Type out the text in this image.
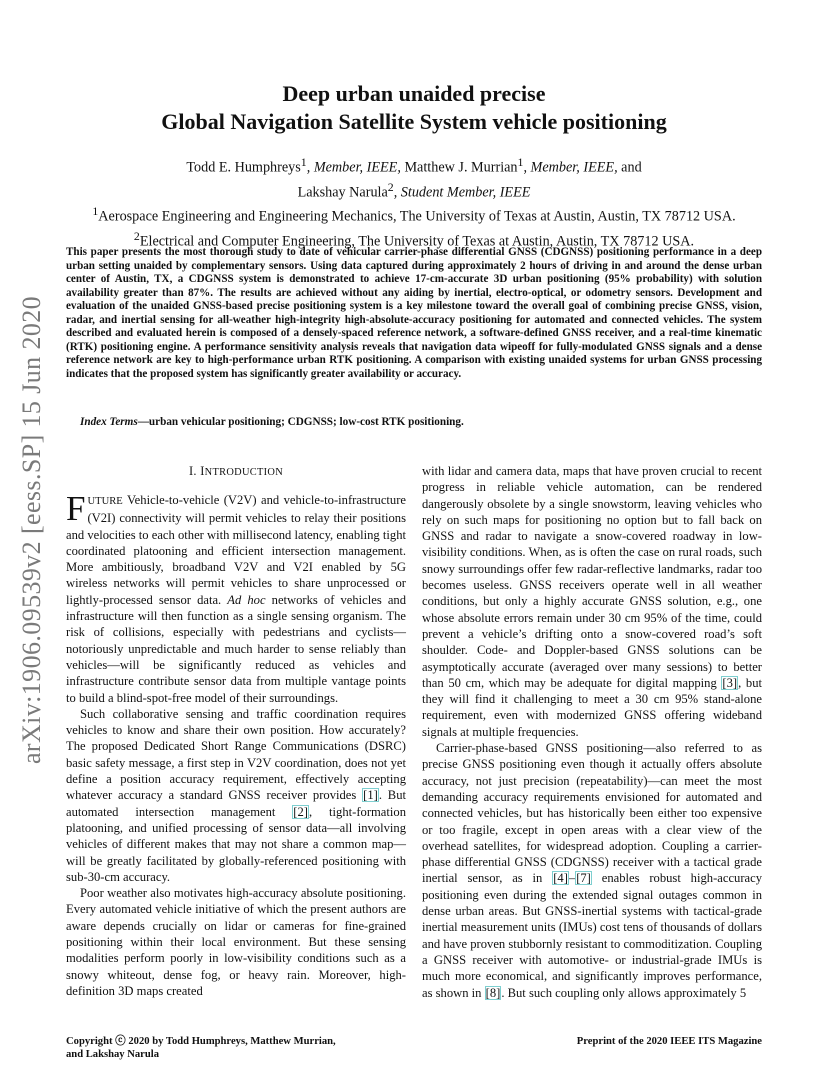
arXiv:1906.09539v2 [eess.SP] 15 Jun 2020
Deep urban unaided precise
Global Navigation Satellite System vehicle positioning
Todd E. Humphreys$^1$, Member, IEEE, Matthew J. Murrian$^1$, Member, IEEE, and
Lakshay Narula$^2$, Student Member, IEEE
$^1$Aerospace Engineering and Engineering Mechanics, The University of Texas at Austin, Austin, TX 78712 USA.
$^2$Electrical and Computer Engineering, The University of Texas at Austin, Austin, TX 78712 USA.
This paper presents the most thorough study to date of vehicular carrier-phase differential GNSS (CDGNSS) positioning performance in a deep urban setting unaided by complementary sensors. Using data captured during approximately 2 hours of driving in and around the dense urban center of Austin, TX, a CDGNSS system is demonstrated to achieve 17-cm-accurate 3D urban positioning (95% probability) with solution availability greater than 87%. The results are achieved without any aiding by inertial, electro-optical, or odometry sensors. Development and evaluation of the unaided GNSS-based precise positioning system is a key milestone toward the overall goal of combining precise GNSS, vision, radar, and inertial sensing for all-weather high-integrity high-absolute-accuracy positioning for automated and connected vehicles. The system described and evaluated herein is composed of a densely-spaced reference network, a software-defined GNSS receiver, and a real-time kinematic (RTK) positioning engine. A performance sensitivity analysis reveals that navigation data wipeoff for fully-modulated GNSS signals and a dense reference network are key to high-performance urban RTK positioning. A comparison with existing unaided systems for urban GNSS processing indicates that the proposed system has significantly greater availability or accuracy.
Index Terms—urban vehicular positioning; CDGNSS; low-cost RTK positioning.
I. INTRODUCTION

FUTURE Vehicle-to-vehicle (V2V) and vehicle-to-infrastructure (V2I) connectivity will permit vehicles to relay their positions and velocities to each other with millisecond latency, enabling tight coordinated platooning and efficient intersection management. More ambitiously, broadband V2V and V2I enabled by 5G wireless networks will permit vehicles to share unprocessed or lightly-processed sensor data. Ad hoc networks of vehicles and infrastructure will then function as a single sensing organism. The risk of collisions, especially with pedestrians and cyclists—notoriously unpredictable and much harder to sense reliably than vehicles—will be significantly reduced as vehicles and infrastructure contribute sensor data from multiple vantage points to build a blind-spot-free model of their surroundings.

Such collaborative sensing and traffic coordination requires vehicles to know and share their own position. How accurately? The proposed Dedicated Short Range Communications (DSRC) basic safety message, a first step in V2V coordination, does not yet define a position accuracy requirement, effectively accepting whatever accuracy a standard GNSS receiver provides [1]. But automated intersection management [2], tight-formation platooning, and unified processing of sensor data—all involving vehicles of different makes that may not share a common map—will be greatly facilitated by globally-referenced positioning with sub-30-cm accuracy.

Poor weather also motivates high-accuracy absolute positioning. Every automated vehicle initiative of which the present authors are aware depends crucially on lidar or cameras for fine-grained positioning within their local environment. But these sensing modalities perform poorly in low-visibility conditions such as a snowy whiteout, dense fog, or heavy rain. Moreover, high-definition 3D maps created

with lidar and camera data, maps that have proven crucial to recent progress in reliable vehicle automation, can be rendered dangerously obsolete by a single snowstorm, leaving vehicles who rely on such maps for positioning no option but to fall back on GNSS and radar to navigate a snow-covered roadway in low-visibility conditions. When, as is often the case on rural roads, such snowy surroundings offer few radar-reflective landmarks, radar too becomes useless. GNSS receivers operate well in all weather conditions, but only a highly accurate GNSS solution, e.g., one whose absolute errors remain under 30 cm 95% of the time, could prevent a vehicle’s drifting onto a snow-covered road’s soft shoulder. Code- and Doppler-based GNSS solutions can be asymptotically accurate (averaged over many sessions) to better than 50 cm, which may be adequate for digital mapping [3], but they will find it challenging to meet a 30 cm 95% stand-alone requirement, even with modernized GNSS offering wideband signals at multiple frequencies.

Carrier-phase-based GNSS positioning—also referred to as precise GNSS positioning even though it actually offers absolute accuracy, not just precision (repeatability)—can meet the most demanding accuracy requirements envisioned for automated and connected vehicles, but has historically been either too expensive or too fragile, except in open areas with a clear view of the overhead satellites, for widespread adoption. Coupling a carrier-phase differential GNSS (CDGNSS) receiver with a tactical grade inertial sensor, as in [4]–[7] enables robust high-accuracy positioning even during the extended signal outages common in dense urban areas. But GNSS-inertial systems with tactical-grade inertial measurement units (IMUs) cost tens of thousands of dollars and have proven stubbornly resistant to commoditization. Coupling a GNSS receiver with automotive- or industrial-grade IMUs is much more economical, and significantly improves performance, as shown in [8]. But such coupling only allows approximately 5

Copyright ⓒ 2020 by Todd Humphreys, Matthew Murrian,
and Lakshay Narula
Preprint of the 2020 IEEE ITS Magazine
